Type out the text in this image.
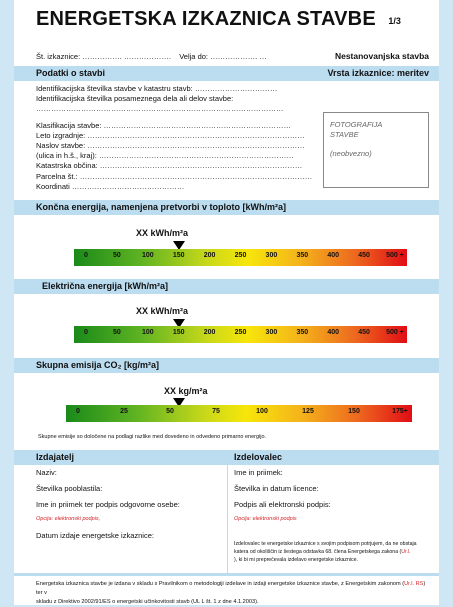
ENERGETSKA IZKAZNICA STAVBE 1/3
Št. izkaznice: ……………. ………………. Velja do: ………………. …	Nestanovanjska stavba
Podatki o stavbi	Vrsta izkaznice: meritev
Identifikacijska številka stavbe v katastru stavb: ……………………………
Identifikacijska številka posameznega dela ali delov stavbe:
………………………………………………………………………………………
Klasifikacija stavbe: …………………………………………………………………
Leto izgradnje: ……………………………………………………………………………
Naslov stavbe: ……………………………………………………………………………
(ulica in h.š., kraj): ……………………………………………………………………
Katastrska občina: ………………………………………………………………………
Parcelna št.: …………………………………………………………………………………
Koordinati ………………………………………
FOTOGRAFIJA
STAVBE
(neobvezno)
Končna energija, namenjena pretvorbi v toploto [kWh/m²a]
XX kWh/m²a
0	50	100	150	200	250	300	350	400	450 500 +
Električna energija [kWh/m²a]
XX kWh/m²a
0	50	100	150	200	250	300	350	400	450 500 +
Skupna emisija CO₂ [kg/m²a]
XX kg/m²a
0	25	50	75	100	125	150	175+
Skupne emisije so določene na podlagi razlike med dovedeno in odvedeno primarno energijo.
Izdajatelj	Izdelovalec
Naziv:
Številka pooblastila:
Ime in priimek ter podpis odgovorne osebe:
Opcija: elektronski podpis,
Datum izdaje energetske izkaznice:
Ime in priimek:
Številka in datum licence:
Podpis ali elektronski podpis:
Opcija: elektronski podpis
Izdelovalec te energetske izkaznice s svojim podpisom potrjujem, da ne obstaja
katera od okoliščin iz šestega odstavka 68. člena Energetskega zakona (Ur.l.
), ki bi mi preprečevala izdelavo energetske izkaznice.
Energetska izkaznica stavbe je izdana v skladu s Pravilnikom o metodologiji izdelave in izdaji energetske izkaznice stavbe, z Energetskim zakonom (Ur.l. RS) ter v
skladu z Direktivo 2002/91/ES o energetski učinkovitosti stavb (UL L št. 1 z dne 4.1.2003).
